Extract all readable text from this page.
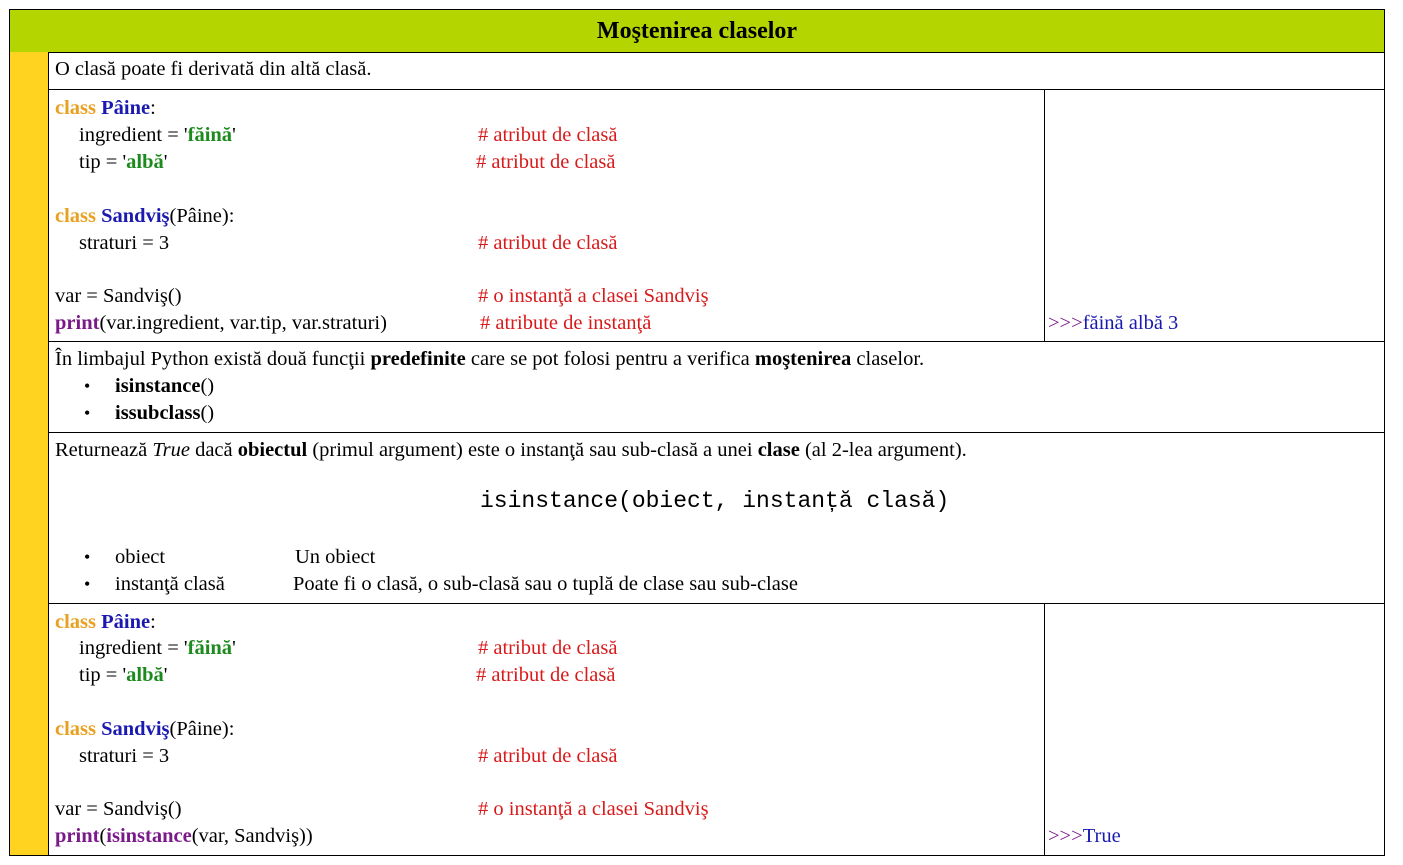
Moştenirea claselor
O clasă poate fi derivată din altă clasă.
class Pâine:
ingredient = 'făină'	# atribut de clasă
tip = 'albă'	# atribut de clasă
class Sandviş(Pâine):
straturi = 3	# atribut de clasă
var = Sandviş()	# o instanţă a clasei Sandviş
print(var.ingredient, var.tip, var.straturi)	# atribute de instanţă	>>>făină albă 3
În limbajul Python există două funcţii predefinite care se pot folosi pentru a verifica moştenirea claselor.
• isinstance()
• issubclass()
Returnează True dacă obiectul (primul argument) este o instanţă sau sub-clasă a unei clase (al 2-lea argument).
isinstance(obiect, instanță clasă)
• obiect	Un obiect
• instanţă clasă	Poate fi o clasă, o sub-clasă sau o tuplă de clase sau sub-clase
class Pâine:
ingredient = 'făină'	# atribut de clasă
tip = 'albă'	# atribut de clasă
class Sandviş(Pâine):
straturi = 3	# atribut de clasă
var = Sandviş()	# o instanţă a clasei Sandviş
print(isinstance(var, Sandviş))	>>>True
